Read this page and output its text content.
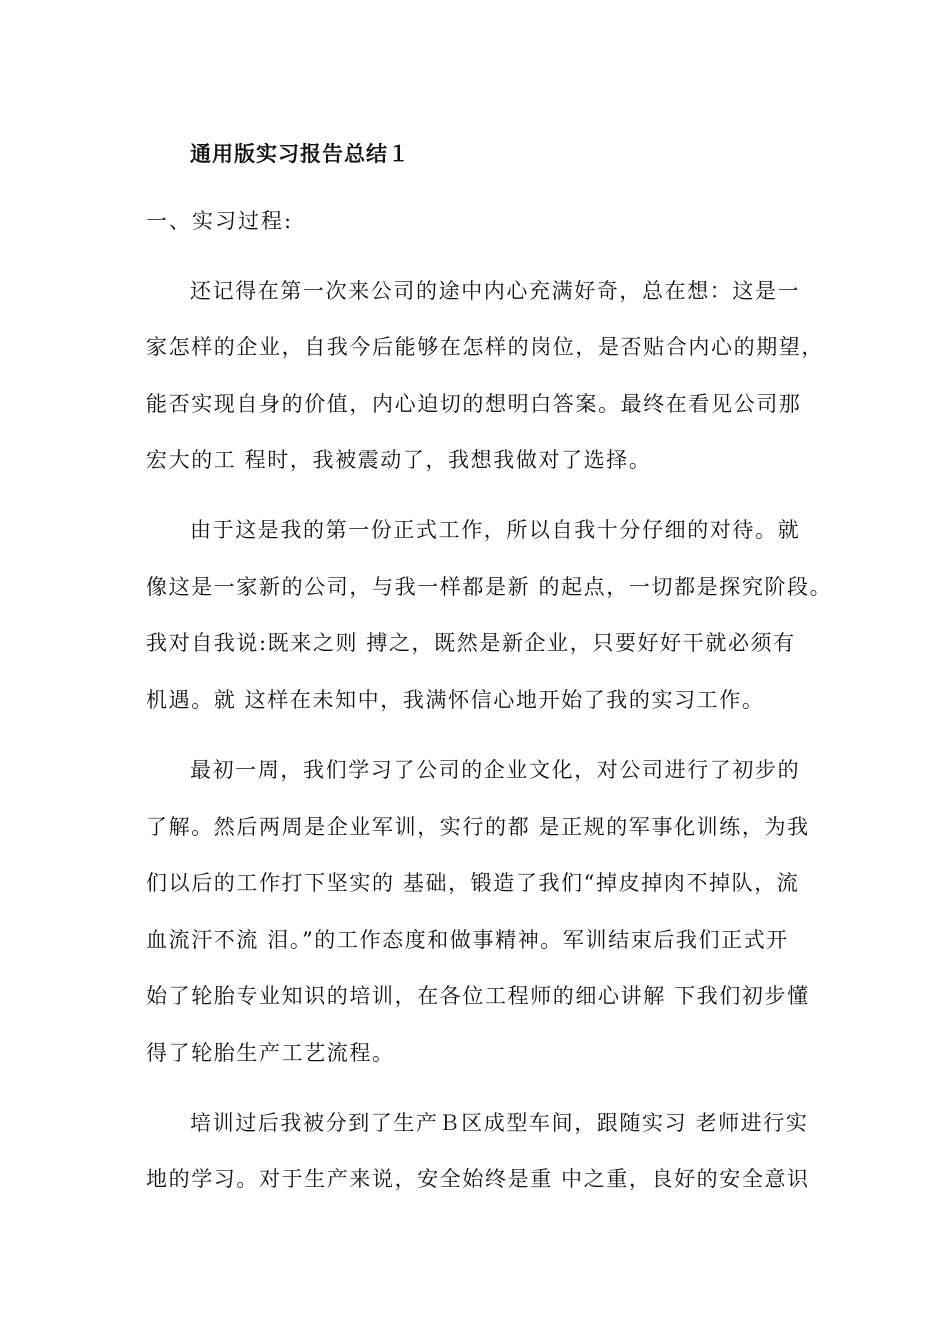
通用版实习报告总结１
一、实习过程:
还记得在第一次来公司的途中内心充满好奇，总在想：这是一
家怎样的企业，自我今后能够在怎样的岗位，是否贴合内心的期望，
能否实现自身的价值，内心迫切的想明白答案。最终在看见公司那
宏大的工 程时，我被震动了，我想我做对了选择。
由于这是我的第一份正式工作，所以自我十分仔细的对待。就
像这是一家新的公司，与我一样都是新 的起点，一切都是探究阶段。
我对自我说:既来之则 搏之，既然是新企业，只要好好干就必须有
机遇。就 这样在未知中，我满怀信心地开始了我的实习工作。
最初一周，我们学习了公司的企业文化，对公司进行了初步的
了解。然后两周是企业军训，实行的都 是正规的军事化训练，为我
们以后的工作打下坚实的 基础，锻造了我们“掉皮掉肉不掉队，流
血流汗不流 泪。”的工作态度和做事精神。军训结束后我们正式开
始了轮胎专业知识的培训，在各位工程师的细心讲解 下我们初步懂
得了轮胎生产工艺流程。
培训过后我被分到了生产Ｂ区成型车间，跟随实习 老师进行实
地的学习。对于生产来说，安全始终是重 中之重，良好的安全意识
